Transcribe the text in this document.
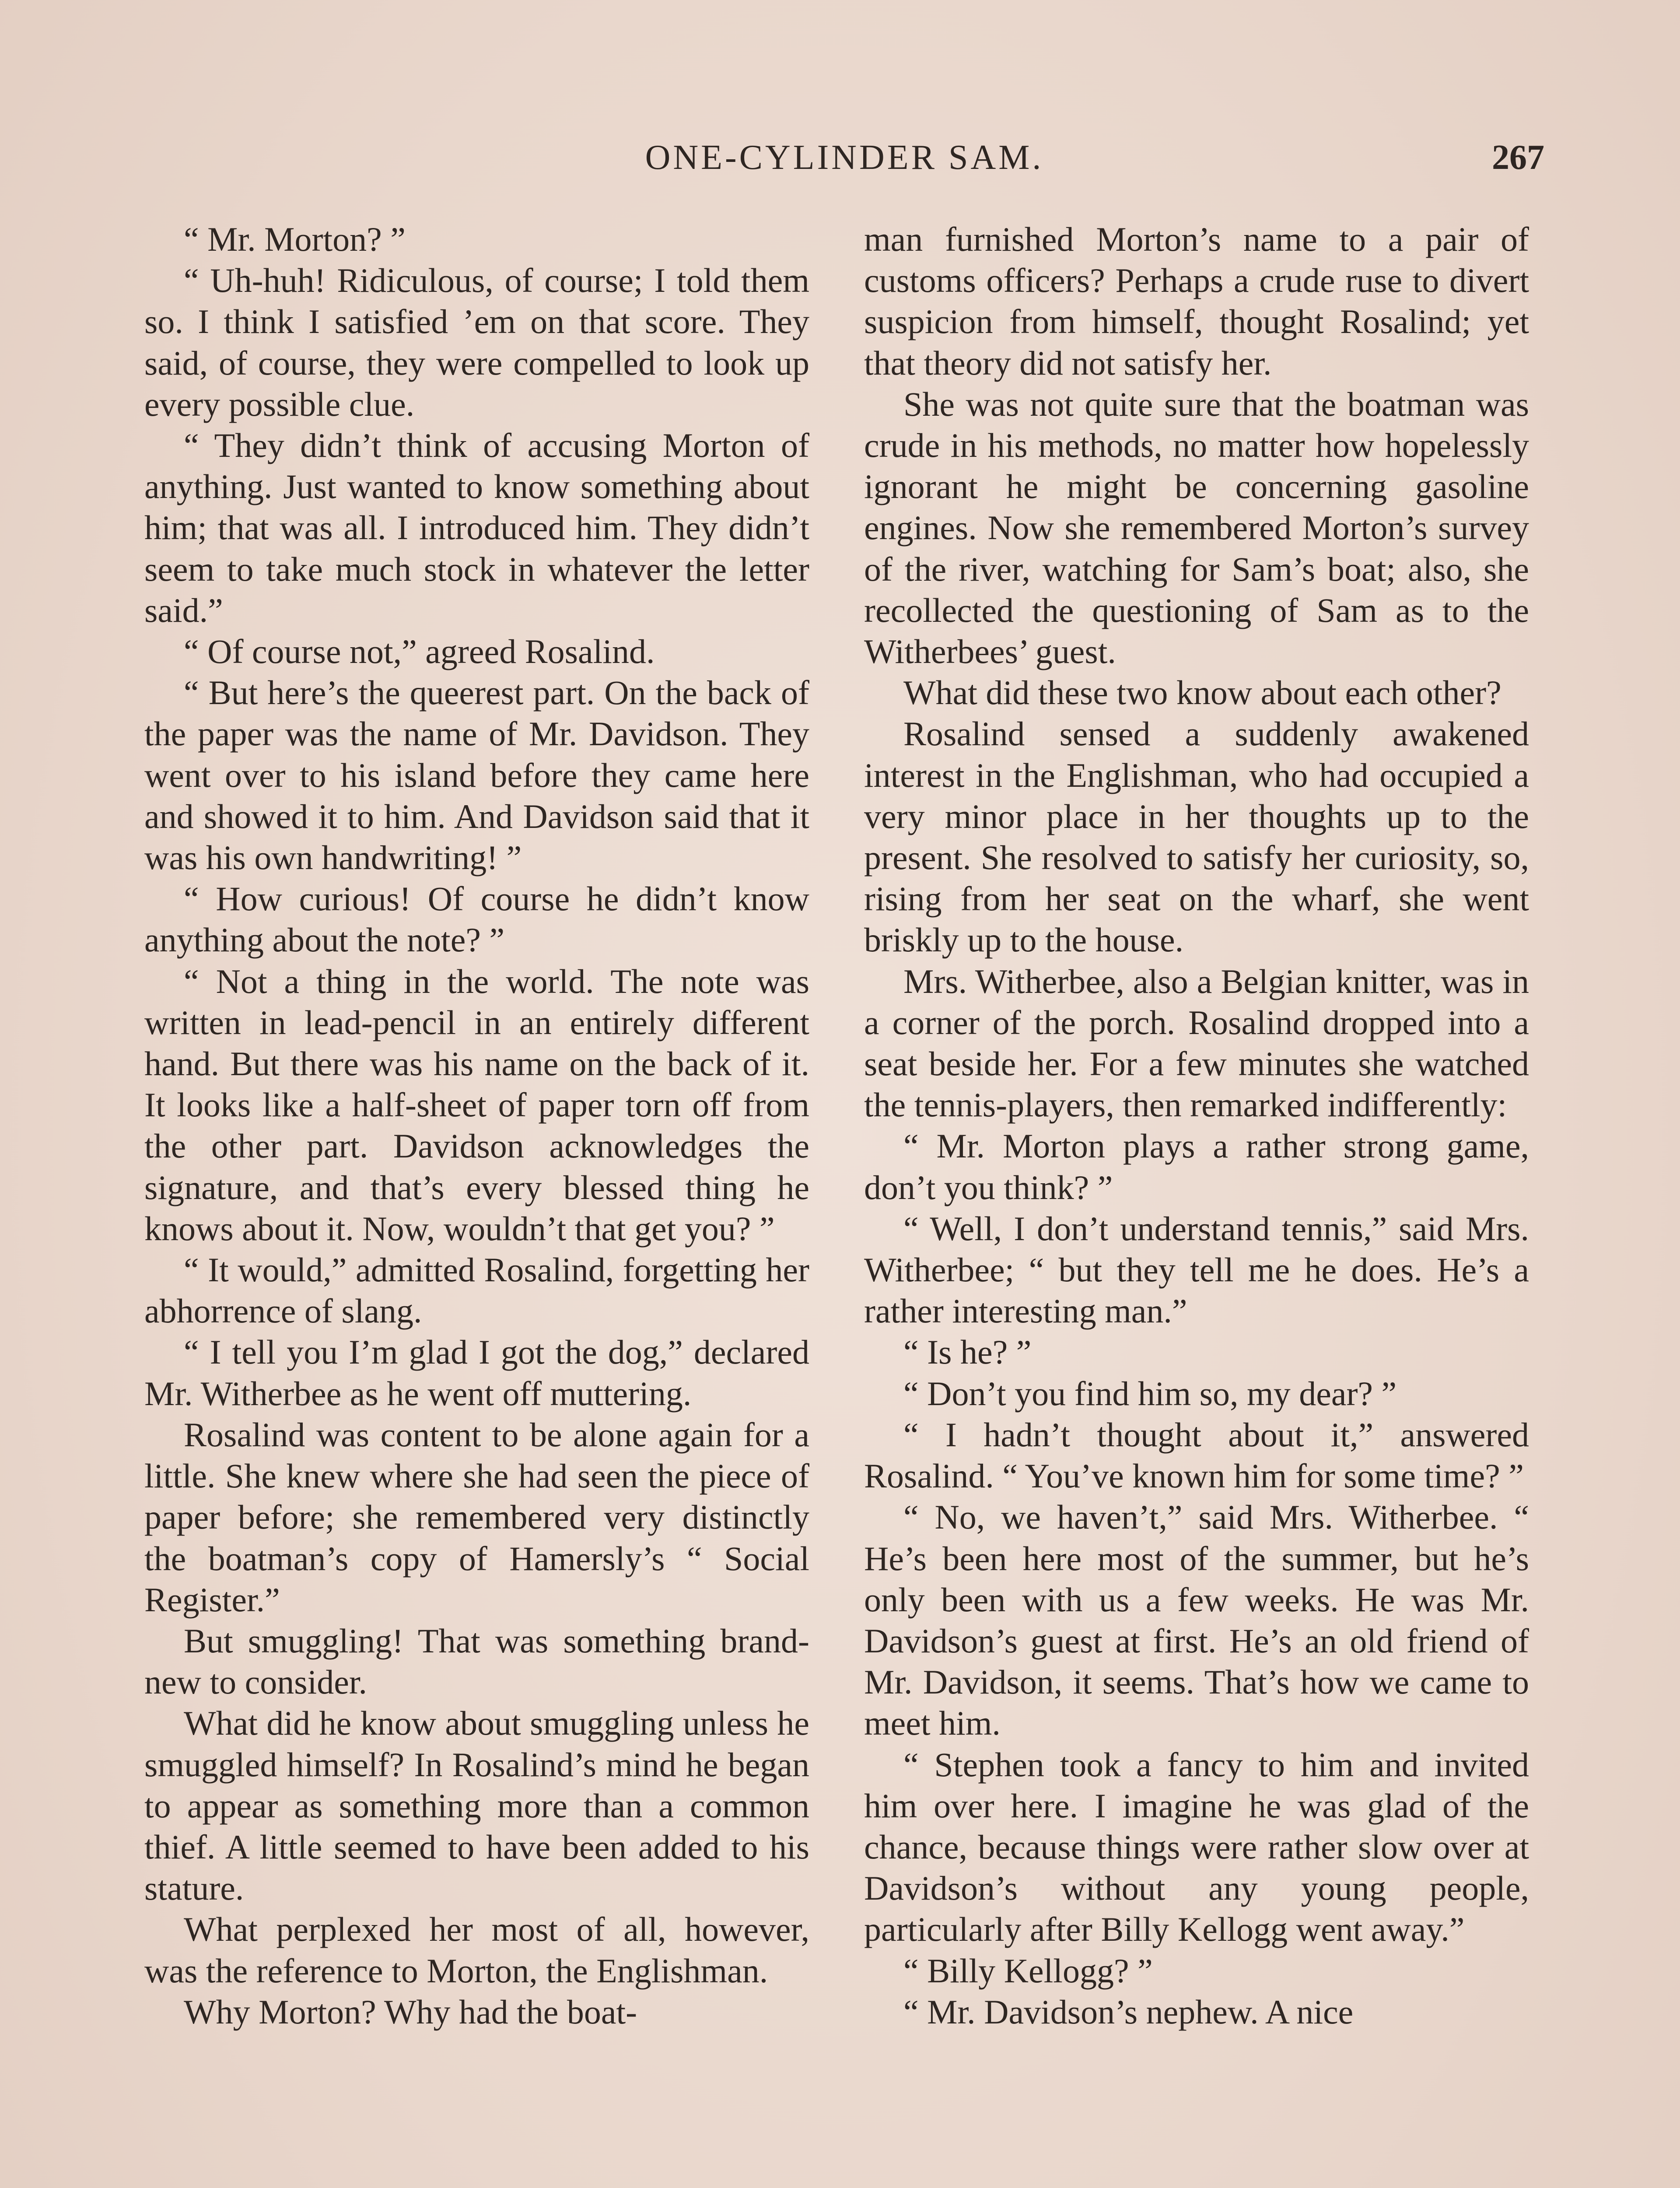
ONE-CYLINDER SAM.	267

“ Mr. Morton? ”

“ Uh-huh! Ridiculous, of course; I told them so. I think I satisfied ’em on that score. They said, of course, they were compelled to look up every possible clue.

“ They didn’t think of accusing Morton of anything. Just wanted to know something about him; that was all. I introduced him. They didn’t seem to take much stock in whatever the letter said.”

“ Of course not,” agreed Rosalind.

“ But here’s the queerest part. On the back of the paper was the name of Mr. Davidson. They went over to his island before they came here and showed it to him. And Davidson said that it was his own handwriting! ”

“ How curious! Of course he didn’t know anything about the note? ”

“ Not a thing in the world. The note was written in lead-pencil in an entirely different hand. But there was his name on the back of it. It looks like a half-sheet of paper torn off from the other part. Davidson acknowledges the signature, and that’s every blessed thing he knows about it. Now, wouldn’t that get you? ”

“ It would,” admitted Rosalind, forgetting her abhorrence of slang.

“ I tell you I’m glad I got the dog,” declared Mr. Witherbee as he went off muttering.

Rosalind was content to be alone again for a little. She knew where she had seen the piece of paper before; she remembered very distinctly the boatman’s copy of Hamersly’s “ Social Register.”

But smuggling! That was something brand-new to consider.

What did he know about smuggling unless he smuggled himself? In Rosalind’s mind he began to appear as something more than a common thief. A little seemed to have been added to his stature.

What perplexed her most of all, however, was the reference to Morton, the Englishman.

Why Morton? Why had the boat-

man furnished Morton’s name to a pair of customs officers? Perhaps a crude ruse to divert suspicion from himself, thought Rosalind; yet that theory did not satisfy her.

She was not quite sure that the boatman was crude in his methods, no matter how hopelessly ignorant he might be concerning gasoline engines. Now she remembered Morton’s survey of the river, watching for Sam’s boat; also, she recollected the questioning of Sam as to the Witherbees’ guest.

What did these two know about each other?

Rosalind sensed a suddenly awakened interest in the Englishman, who had occupied a very minor place in her thoughts up to the present. She resolved to satisfy her curiosity, so, rising from her seat on the wharf, she went briskly up to the house.

Mrs. Witherbee, also a Belgian knitter, was in a corner of the porch. Rosalind dropped into a seat beside her. For a few minutes she watched the tennis-players, then remarked indifferently:

“ Mr. Morton plays a rather strong game, don’t you think? ”

“ Well, I don’t understand tennis,” said Mrs. Witherbee; “ but they tell me he does. He’s a rather interesting man.”

“ Is he? ”

“ Don’t you find him so, my dear? ”

“ I hadn’t thought about it,” answered Rosalind. “ You’ve known him for some time? ”

“ No, we haven’t,” said Mrs. Witherbee. “ He’s been here most of the summer, but he’s only been with us a few weeks. He was Mr. Davidson’s guest at first. He’s an old friend of Mr. Davidson, it seems. That’s how we came to meet him.

“ Stephen took a fancy to him and invited him over here. I imagine he was glad of the chance, because things were rather slow over at Davidson’s without any young people, particularly after Billy Kellogg went away.”

“ Billy Kellogg? ”

“ Mr. Davidson’s nephew. A nice
